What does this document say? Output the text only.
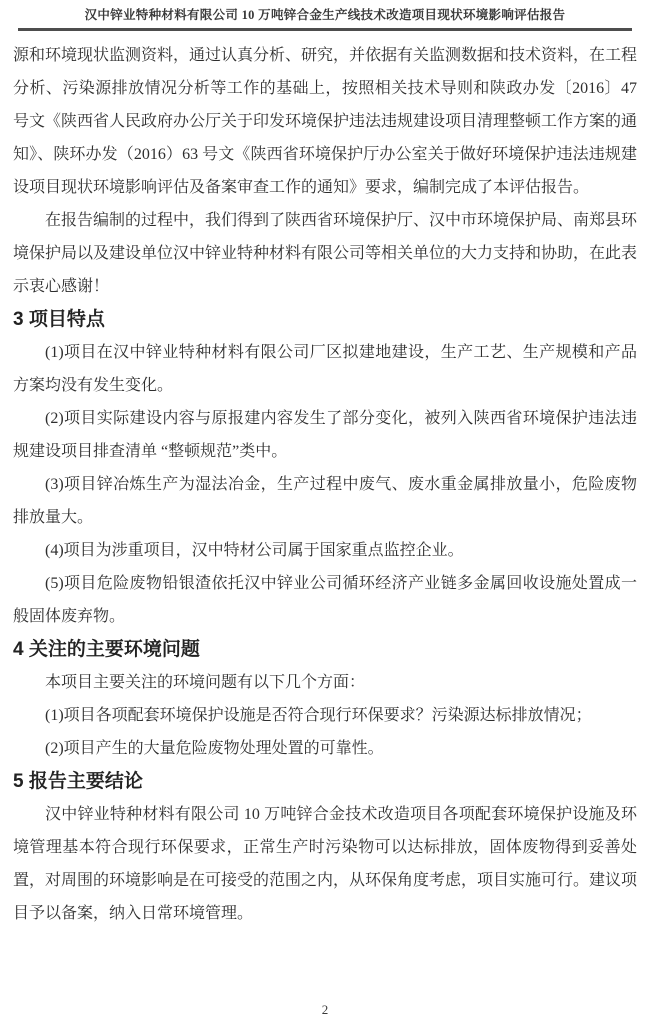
汉中锌业特种材料有限公司 10 万吨锌合金生产线技术改造项目现状环境影响评估报告

源和环境现状监测资料，通过认真分析、研究，并依据有关监测数据和技术资料，在工程分析、污染源排放情况分析等工作的基础上，按照相关技术导则和陕政办发〔2016〕47 号文《陕西省人民政府办公厅关于印发环境保护违法违规建设项目清理整顿工作方案的通知》、陕环办发（2016）63 号文《陕西省环境保护厅办公室关于做好环境保护违法违规建设项目现状环境影响评估及备案审查工作的通知》要求，编制完成了本评估报告。

在报告编制的过程中，我们得到了陕西省环境保护厅、汉中市环境保护局、南郑县环境保护局以及建设单位汉中锌业特种材料有限公司等相关单位的大力支持和协助，在此表示衷心感谢！

3 项目特点

(1)项目在汉中锌业特种材料有限公司厂区拟建地建设，生产工艺、生产规模和产品方案均没有发生变化。

(2)项目实际建设内容与原报建内容发生了部分变化，被列入陕西省环境保护违法违规建设项目排查清单 “整顿规范”类中。

(3)项目锌冶炼生产为湿法冶金，生产过程中废气、废水重金属排放量小，危险废物排放量大。

(4)项目为涉重项目，汉中特材公司属于国家重点监控企业。

(5)项目危险废物铅银渣依托汉中锌业公司循环经济产业链多金属回收设施处置成一般固体废弃物。

4 关注的主要环境问题

本项目主要关注的环境问题有以下几个方面：

(1)项目各项配套环境保护设施是否符合现行环保要求？污染源达标排放情况；

(2)项目产生的大量危险废物处理处置的可靠性。

5 报告主要结论

汉中锌业特种材料有限公司 10 万吨锌合金技术改造项目各项配套环境保护设施及环境管理基本符合现行环保要求，正常生产时污染物可以达标排放，固体废物得到妥善处置，对周围的环境影响是在可接受的范围之内，从环保角度考虑，项目实施可行。建议项目予以备案，纳入日常环境管理。

2
